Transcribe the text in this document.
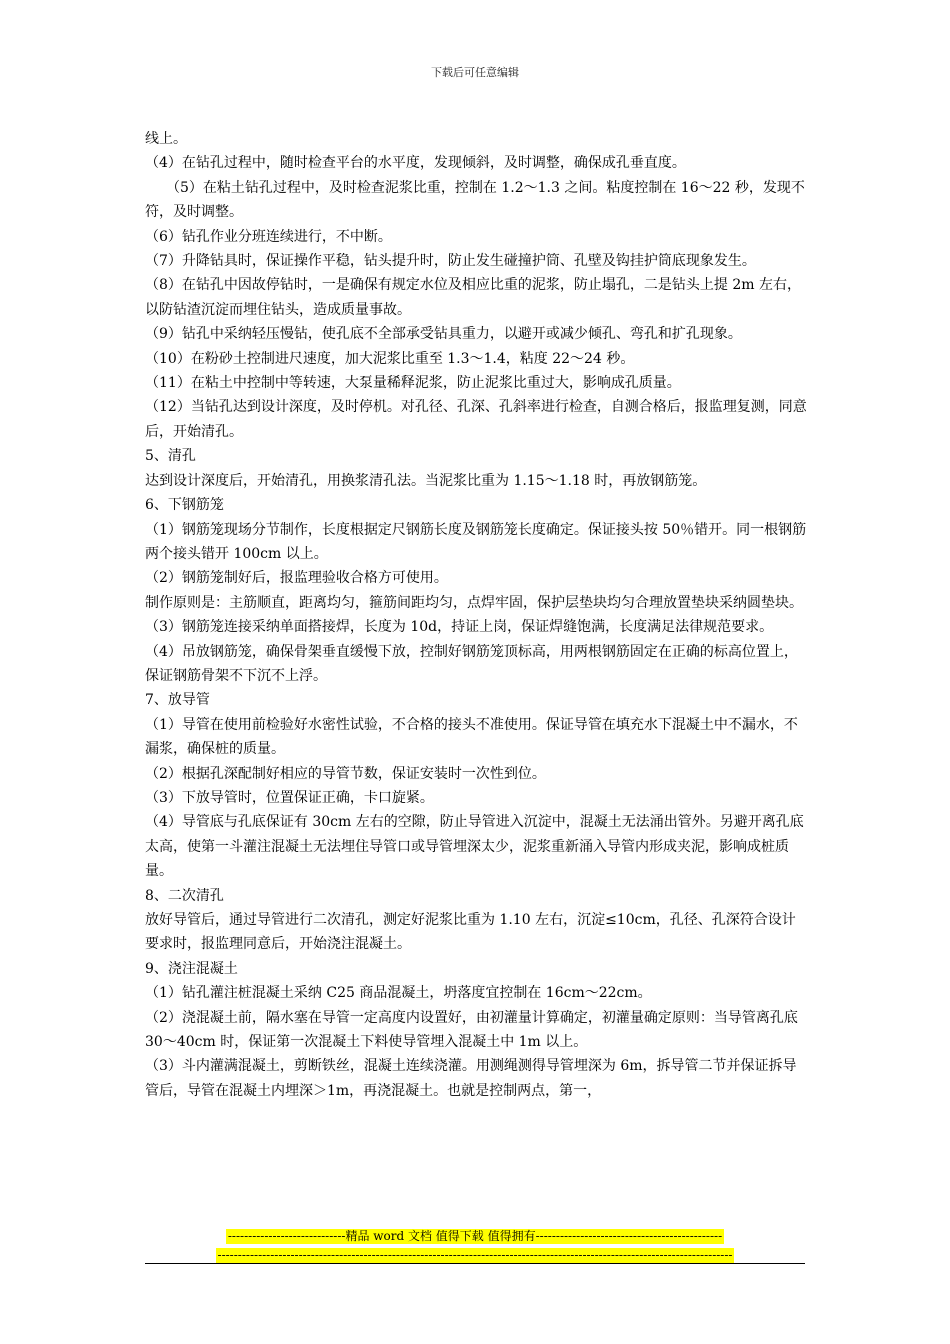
下载后可任意编辑

线上。

（4）在钻孔过程中，随时检查平台的水平度，发现倾斜，及时调整，确保成孔垂直度。

（5）在粘土钻孔过程中，及时检查泥浆比重，控制在 1.2～1.3 之间。粘度控制在 16～22 秒，发现不符，及时调整。

（6）钻孔作业分班连续进行，不中断。

（7）升降钻具时，保证操作平稳，钻头提升时，防止发生碰撞护筒、孔壁及钩挂护筒底现象发生。

（8）在钻孔中因故停钻时，一是确保有规定水位及相应比重的泥浆，防止塌孔，二是钻头上提 2m 左右，以防钻渣沉淀而埋住钻头，造成质量事故。

（9）钻孔中采纳轻压慢钻，使孔底不全部承受钻具重力，以避开或减少倾孔、弯孔和扩孔现象。

（10）在粉砂土控制进尺速度，加大泥浆比重至 1.3～1.4，粘度 22～24 秒。

（11）在粘土中控制中等转速，大泵量稀释泥浆，防止泥浆比重过大，影响成孔质量。

（12）当钻孔达到设计深度，及时停机。对孔径、孔深、孔斜率进行检查，自测合格后，报监理复测，同意后，开始清孔。

5、清孔

达到设计深度后，开始清孔，用换浆清孔法。当泥浆比重为 1.15～1.18 时，再放钢筋笼。

6、下钢筋笼

（1）钢筋笼现场分节制作，长度根据定尺钢筋长度及钢筋笼长度确定。保证接头按 50％错开。同一根钢筋两个接头错开 100cm 以上。

（2）钢筋笼制好后，报监理验收合格方可使用。

制作原则是：主筋顺直，距离均匀，箍筋间距均匀，点焊牢固，保护层垫块均匀合理放置垫块采纳圆垫块。

（3）钢筋笼连接采纳单面搭接焊，长度为 10d，持证上岗，保证焊缝饱满，长度满足法律规范要求。

（4）吊放钢筋笼，确保骨架垂直缓慢下放，控制好钢筋笼顶标高，用两根钢筋固定在正确的标高位置上，保证钢筋骨架不下沉不上浮。

7、放导管

（1）导管在使用前检验好水密性试验，不合格的接头不准使用。保证导管在填充水下混凝土中不漏水，不漏浆，确保桩的质量。

（2）根据孔深配制好相应的导管节数，保证安装时一次性到位。

（3）下放导管时，位置保证正确，卡口旋紧。

（4）导管底与孔底保证有 30cm 左右的空隙，防止导管进入沉淀中，混凝土无法涌出管外。另避开离孔底太高，使第一斗灌注混凝土无法埋住导管口或导管埋深太少，泥浆重新涌入导管内形成夹泥，影响成桩质量。

8、二次清孔

放好导管后，通过导管进行二次清孔，测定好泥浆比重为 1.10 左右，沉淀≤10cm，孔径、孔深符合设计要求时，报监理同意后，开始浇注混凝土。

9、浇注混凝土

（1）钻孔灌注桩混凝土采纳 C25 商品混凝土，坍落度宜控制在 16cm～22cm。

（2）浇混凝土前，隔水塞在导管一定高度内设置好，由初灌量计算确定，初灌量确定原则：当导管离孔底 30～40cm 时，保证第一次混凝土下料使导管埋入混凝土中 1m 以上。

（3）斗内灌满混凝土，剪断铁丝，混凝土连续浇灌。用测绳测得导管埋深为 6m，拆导管二节并保证拆导管后，导管在混凝土内埋深＞1m，再浇混凝土。也就是控制两点，第一，

-----------------------------精品 word 文档 值得下载 值得拥有----------------------------------------------
-------------------------------------------------------------------------------------------------------------------------------
